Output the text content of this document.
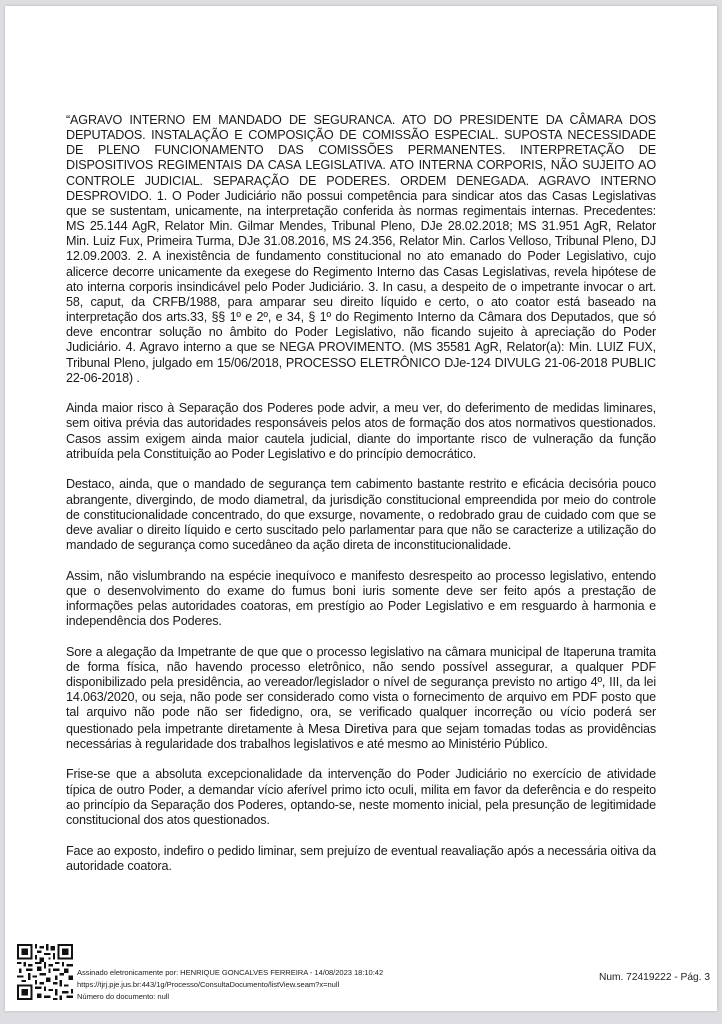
“AGRAVO INTERNO EM MANDADO DE SEGURANCA. ATO DO PRESIDENTE DA CÂMARA DOS DEPUTADOS. INSTALAÇÃO E COMPOSIÇÃO DE COMISSÃO ESPECIAL. SUPOSTA NECESSIDADE DE PLENO FUNCIONAMENTO DAS COMISSÕES PERMANENTES. INTERPRETAÇÃO DE DISPOSITIVOS REGIMENTAIS DA CASA LEGISLATIVA. ATO INTERNA CORPORIS, NÃO SUJEITO AO CONTROLE JUDICIAL. SEPARAÇÃO DE PODERES. ORDEM DENEGADA. AGRAVO INTERNO DESPROVIDO. 1. O Poder Judiciário não possui competência para sindicar atos das Casas Legislativas que se sustentam, unicamente, na interpretação conferida às normas regimentais internas. Precedentes: MS 25.144 AgR, Relator Min. Gilmar Mendes, Tribunal Pleno, DJe 28.02.2018; MS 31.951 AgR, Relator Min. Luiz Fux, Primeira Turma, DJe 31.08.2016, MS 24.356, Relator Min. Carlos Velloso, Tribunal Pleno, DJ 12.09.2003. 2. A inexistência de fundamento constitucional no ato emanado do Poder Legislativo, cujo alicerce decorre unicamente da exegese do Regimento Interno das Casas Legislativas, revela hipótese de ato interna corporis insindicável pelo Poder Judiciário. 3. In casu, a despeito de o impetrante invocar o art. 58, caput, da CRFB/1988, para amparar seu direito líquido e certo, o ato coator está baseado na interpretação dos arts.33, §§ 1º e 2º, e 34, § 1º do Regimento Interno da Câmara dos Deputados, que só deve encontrar solução no âmbito do Poder Legislativo, não ficando sujeito à apreciação do Poder Judiciário. 4. Agravo interno a que se NEGA PROVIMENTO. (MS 35581 AgR, Relator(a): Min. LUIZ FUX, Tribunal Pleno, julgado em 15/06/2018, PROCESSO ELETRÔNICO DJe-124 DIVULG 21-06-2018 PUBLIC 22-06-2018) .

Ainda maior risco à Separação dos Poderes pode advir, a meu ver, do deferimento de medidas liminares, sem oitiva prévia das autoridades responsáveis pelos atos de formação dos atos normativos questionados. Casos assim exigem ainda maior cautela judicial, diante do importante risco de vulneração da função atribuída pela Constituição ao Poder Legislativo e do princípio democrático.

Destaco, ainda, que o mandado de segurança tem cabimento bastante restrito e eficácia decisória pouco abrangente, divergindo, de modo diametral, da jurisdição constitucional empreendida por meio do controle de constitucionalidade concentrado, do que exsurge, novamente, o redobrado grau de cuidado com que se deve avaliar o direito líquido e certo suscitado pelo parlamentar para que não se caracterize a utilização do mandado de segurança como sucedâneo da ação direta de inconstitucionalidade.

Assim, não vislumbrando na espécie inequívoco e manifesto desrespeito ao processo legislativo, entendo que o desenvolvimento do exame do fumus boni iuris somente deve ser feito após a prestação de informações pelas autoridades coatoras, em prestígio ao Poder Legislativo e em resguardo à harmonia e independência dos Poderes.

Sore a alegação da Impetrante de que que o processo legislativo na câmara municipal de Itaperuna tramita de forma física, não havendo processo eletrônico, não sendo possível assegurar, a qualquer PDF disponibilizado pela presidência, ao vereador/legislador o nível de segurança previsto no artigo 4º, III, da lei 14.063/2020, ou seja, não pode ser considerado como vista o fornecimento de arquivo em PDF posto que tal arquivo não pode não ser fidedigno, ora, se verificado qualquer incorreção ou vício poderá ser questionado pela impetrante diretamente à Mesa Diretiva para que sejam tomadas todas as providências necessárias à regularidade dos trabalhos legislativos e até mesmo ao Ministério Público.

Frise-se que a absoluta excepcionalidade da intervenção do Poder Judiciário no exercício de atividade típica de outro Poder, a demandar vício aferível primo icto oculi, milita em favor da deferência e do respeito ao princípio da Separação dos Poderes, optando-se, neste momento inicial, pela presunção de legitimidade constitucional dos atos questionados.

Face ao exposto, indefiro o pedido liminar, sem prejuízo de eventual reavaliação após a necessária oitiva da autoridade coatora.

Assinado eletronicamente por: HENRIQUE GONCALVES FERREIRA - 14/08/2023 18:10:42
https://tjrj.pje.jus.br:443/1g/Processo/ConsultaDocumento/listView.seam?x=null
Número do documento: null
Num. 72419222 - Pág. 3
